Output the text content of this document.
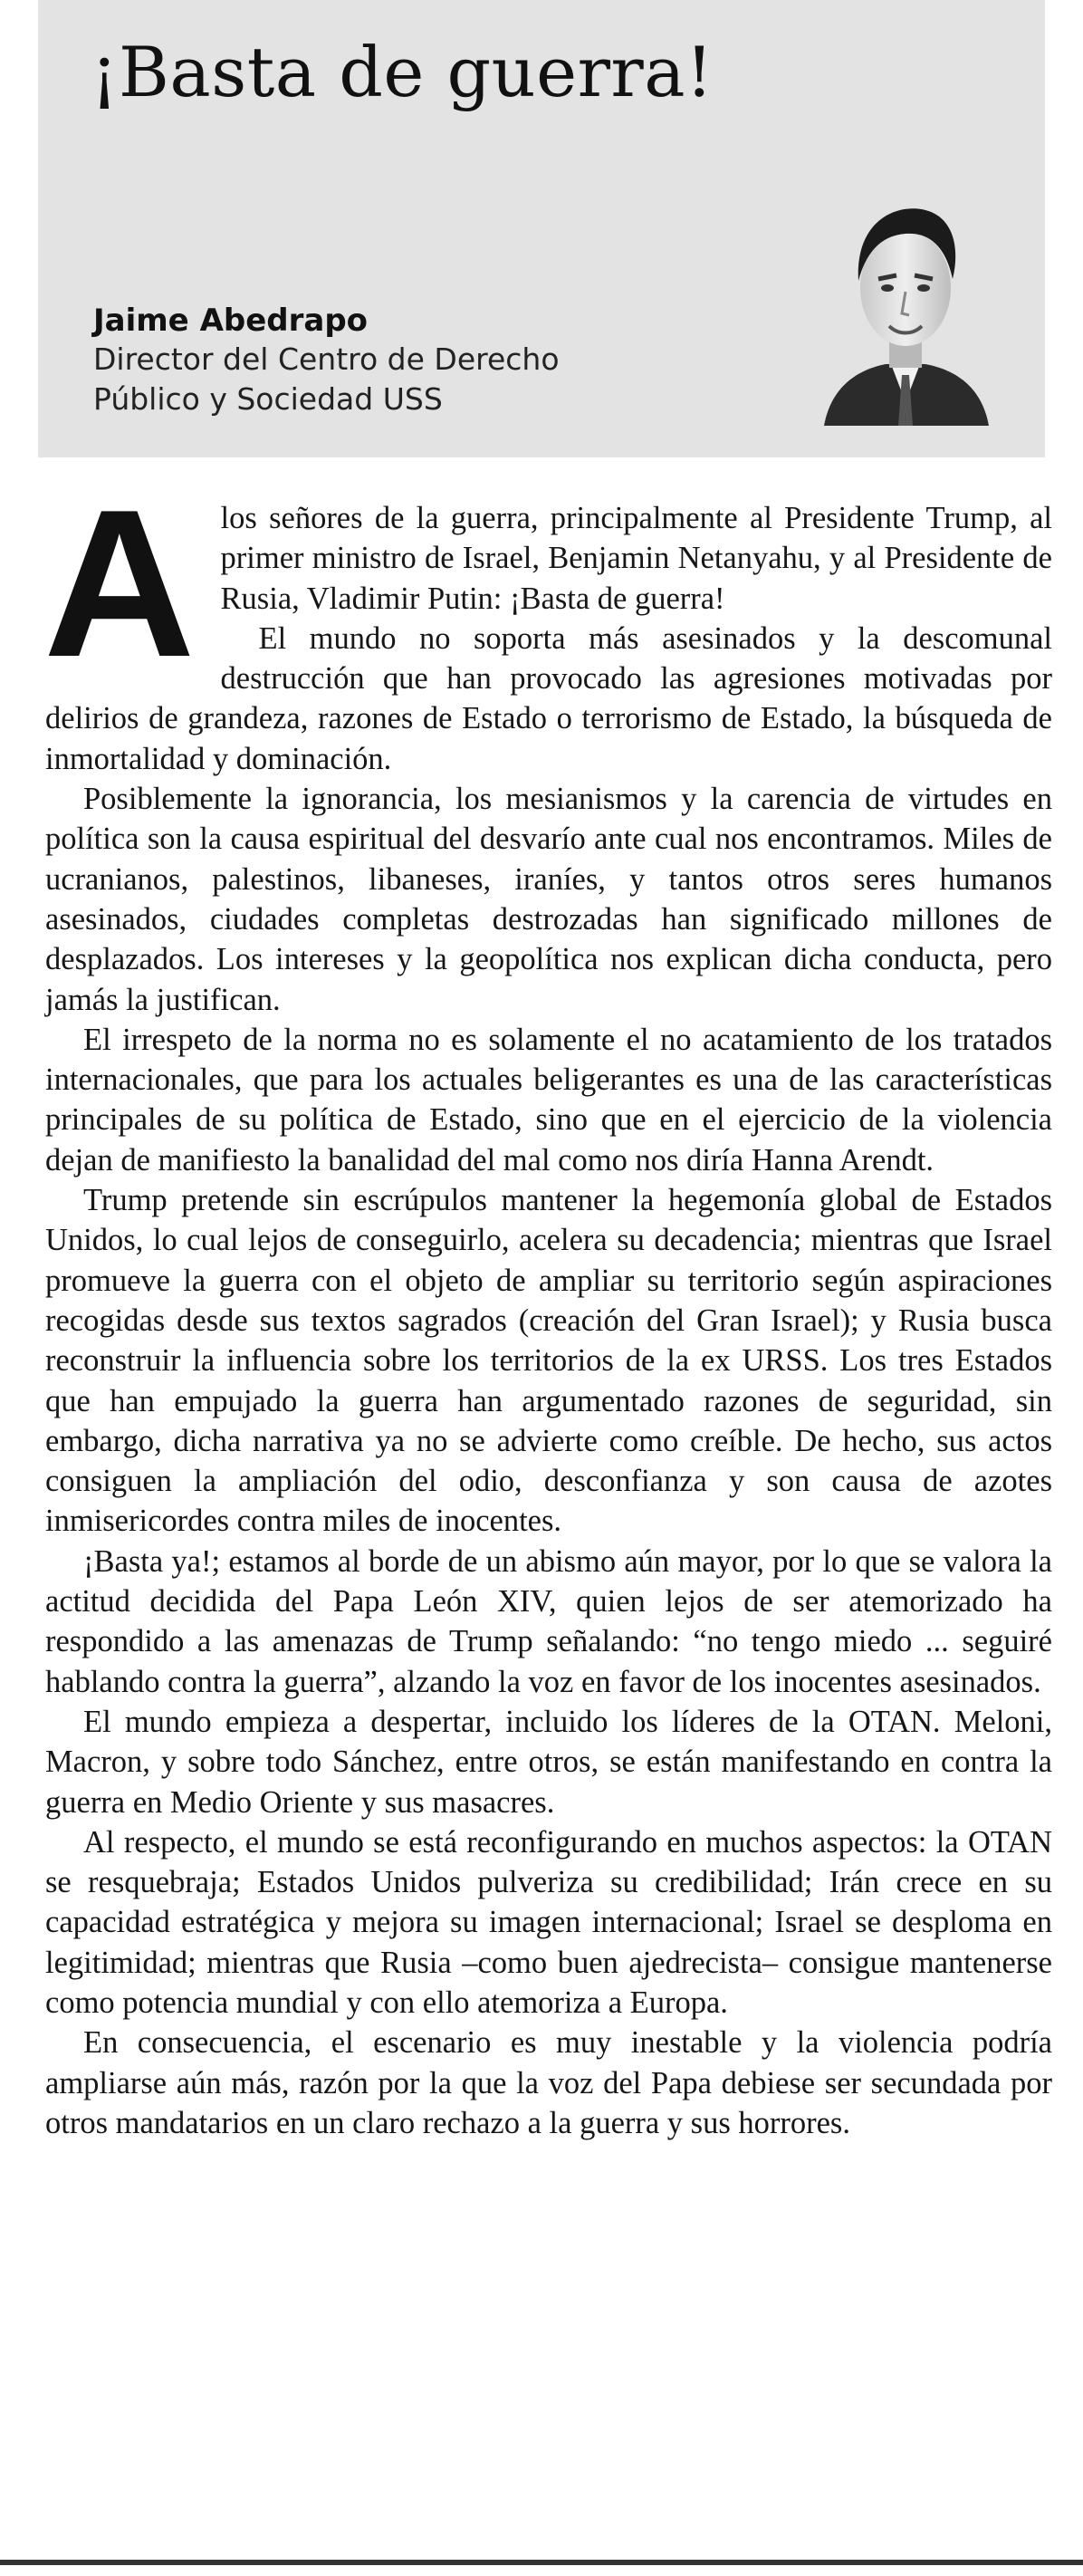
¡Basta de guerra!
Jaime Abedrapo
Director del Centro de Derecho
Público y Sociedad USS

Alos señores de la guerra, principalmente al Presidente Trump, al primer ministro de Israel, Benjamin Netanyahu, y al Presidente de Rusia, Vladimir Putin: ¡Basta de guerra!

El mundo no soporta más asesinados y la descomunal destrucción que han provocado las agresiones motivadas por delirios de grandeza, razones de Estado o terrorismo de Estado, la búsqueda de inmortalidad y dominación.

Posiblemente la ignorancia, los mesianismos y la carencia de virtudes en política son la causa espiritual del desvarío ante cual nos encontramos. Miles de ucranianos, palestinos, libaneses, iraníes, y tantos otros seres humanos asesinados, ciudades completas destrozadas han significado millones de desplazados. Los intereses y la geopolítica nos explican dicha conducta, pero jamás la justifican.

El irrespeto de la norma no es solamente el no acatamiento de los tratados internacionales, que para los actuales beligerantes es una de las características principales de su política de Estado, sino que en el ejercicio de la violencia dejan de manifiesto la banalidad del mal como nos diría Hanna Arendt.

Trump pretende sin escrúpulos mantener la hegemonía global de Estados Unidos, lo cual lejos de conseguirlo, acelera su decadencia; mientras que Israel promueve la guerra con el objeto de ampliar su territorio según aspiraciones recogidas desde sus textos sagrados (creación del Gran Israel); y Rusia busca reconstruir la influencia sobre los territorios de la ex URSS. Los tres Estados que han empujado la guerra han argumentado razones de seguridad, sin embargo, dicha narrativa ya no se advierte como creíble. De hecho, sus actos consiguen la ampliación del odio, desconfianza y son causa de azotes inmisericordes contra miles de inocentes.

¡Basta ya!; estamos al borde de un abismo aún mayor, por lo que se valora la actitud decidida del Papa León XIV, quien lejos de ser atemorizado ha respondido a las amenazas de Trump señalando: “no tengo miedo ... seguiré hablando contra la guerra”, alzando la voz en favor de los inocentes asesinados.

El mundo empieza a despertar, incluido los líderes de la OTAN. Meloni, Macron, y sobre todo Sánchez, entre otros, se están manifestando en contra la guerra en Medio Oriente y sus masacres.

Al respecto, el mundo se está reconfigurando en muchos aspectos: la OTAN se resquebraja; Estados Unidos pulveriza su credibilidad; Irán crece en su capacidad estratégica y mejora su imagen internacional; Israel se desploma en legitimidad; mientras que Rusia –como buen ajedrecista– consigue mantenerse como potencia mundial y con ello atemoriza a Europa.

En consecuencia, el escenario es muy inestable y la violencia podría ampliarse aún más, razón por la que la voz del Papa debiese ser secundada por otros mandatarios en un claro rechazo a la guerra y sus horrores.
